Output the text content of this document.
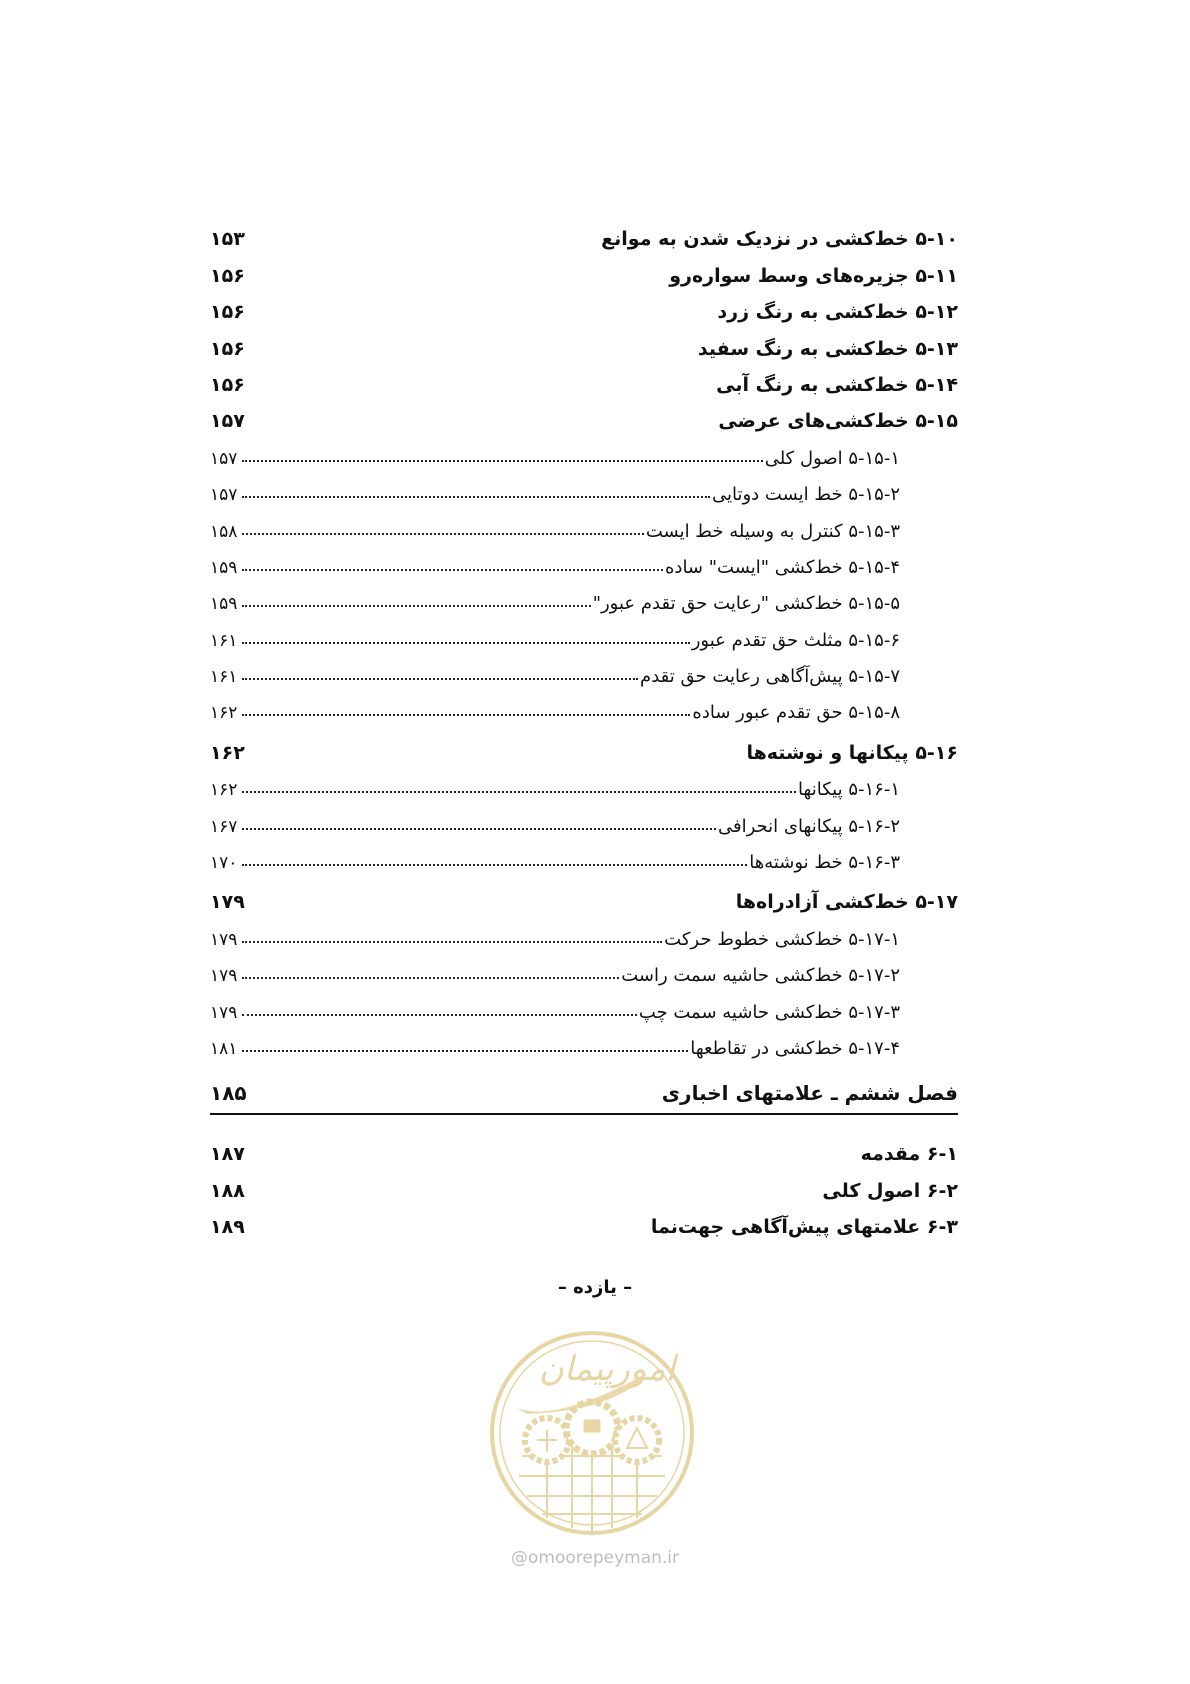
۵-۱۰ خط‌کشی در نزدیک شدن به موانع
۱۵۳
۵-۱۱ جزیره‌های وسط سواره‌رو
۱۵۶
۵-۱۲ خط‌کشی به رنگ زرد
۱۵۶
۵-۱۳ خط‌کشی به رنگ سفید
۱۵۶
۵-۱۴ خط‌کشی به رنگ آبی
۱۵۶
۵-۱۵ خط‌کشی‌های عرضی
۱۵۷
۵-۱۵-۱ اصول کلی
۱۵۷
۵-۱۵-۲ خط ایست دوتایی
۱۵۷
۵-۱۵-۳ کنترل به وسیله خط ایست
۱۵۸
۵-۱۵-۴ خط‌کشی "ایست" ساده
۱۵۹
۵-۱۵-۵ خط‌کشی "رعایت حق تقدم عبور"
۱۵۹
۵-۱۵-۶ مثلث حق تقدم عبور
۱۶۱
۵-۱۵-۷ پیش‌آگاهی رعایت حق تقدم
۱۶۱
۵-۱۵-۸ حق تقدم عبور ساده
۱۶۲
۵-۱۶ پیکانها و نوشته‌ها
۱۶۲
۵-۱۶-۱ پیکانها
۱۶۲
۵-۱۶-۲ پیکانهای انحرافی
۱۶۷
۵-۱۶-۳ خط نوشته‌ها
۱۷۰
۵-۱۷ خط‌کشی آزادراه‌ها
۱۷۹
۵-۱۷-۱ خط‌کشی خطوط حرکت
۱۷۹
۵-۱۷-۲ خط‌کشی حاشیه سمت راست
۱۷۹
۵-۱۷-۳ خط‌کشی حاشیه سمت چپ
۱۷۹
۵-۱۷-۴ خط‌کشی در تقاطعها
۱۸۱
فصل ششم ـ علامتهای اخباری
۱۸۵
۶-۱ مقدمه
۱۸۷
۶-۲ اصول کلی
۱۸۸
۶-۳ علامتهای پیش‌آگاهی جهت‌نما
۱۸۹
– یازده –
امورپیمان
@omoorepeyman.ir
